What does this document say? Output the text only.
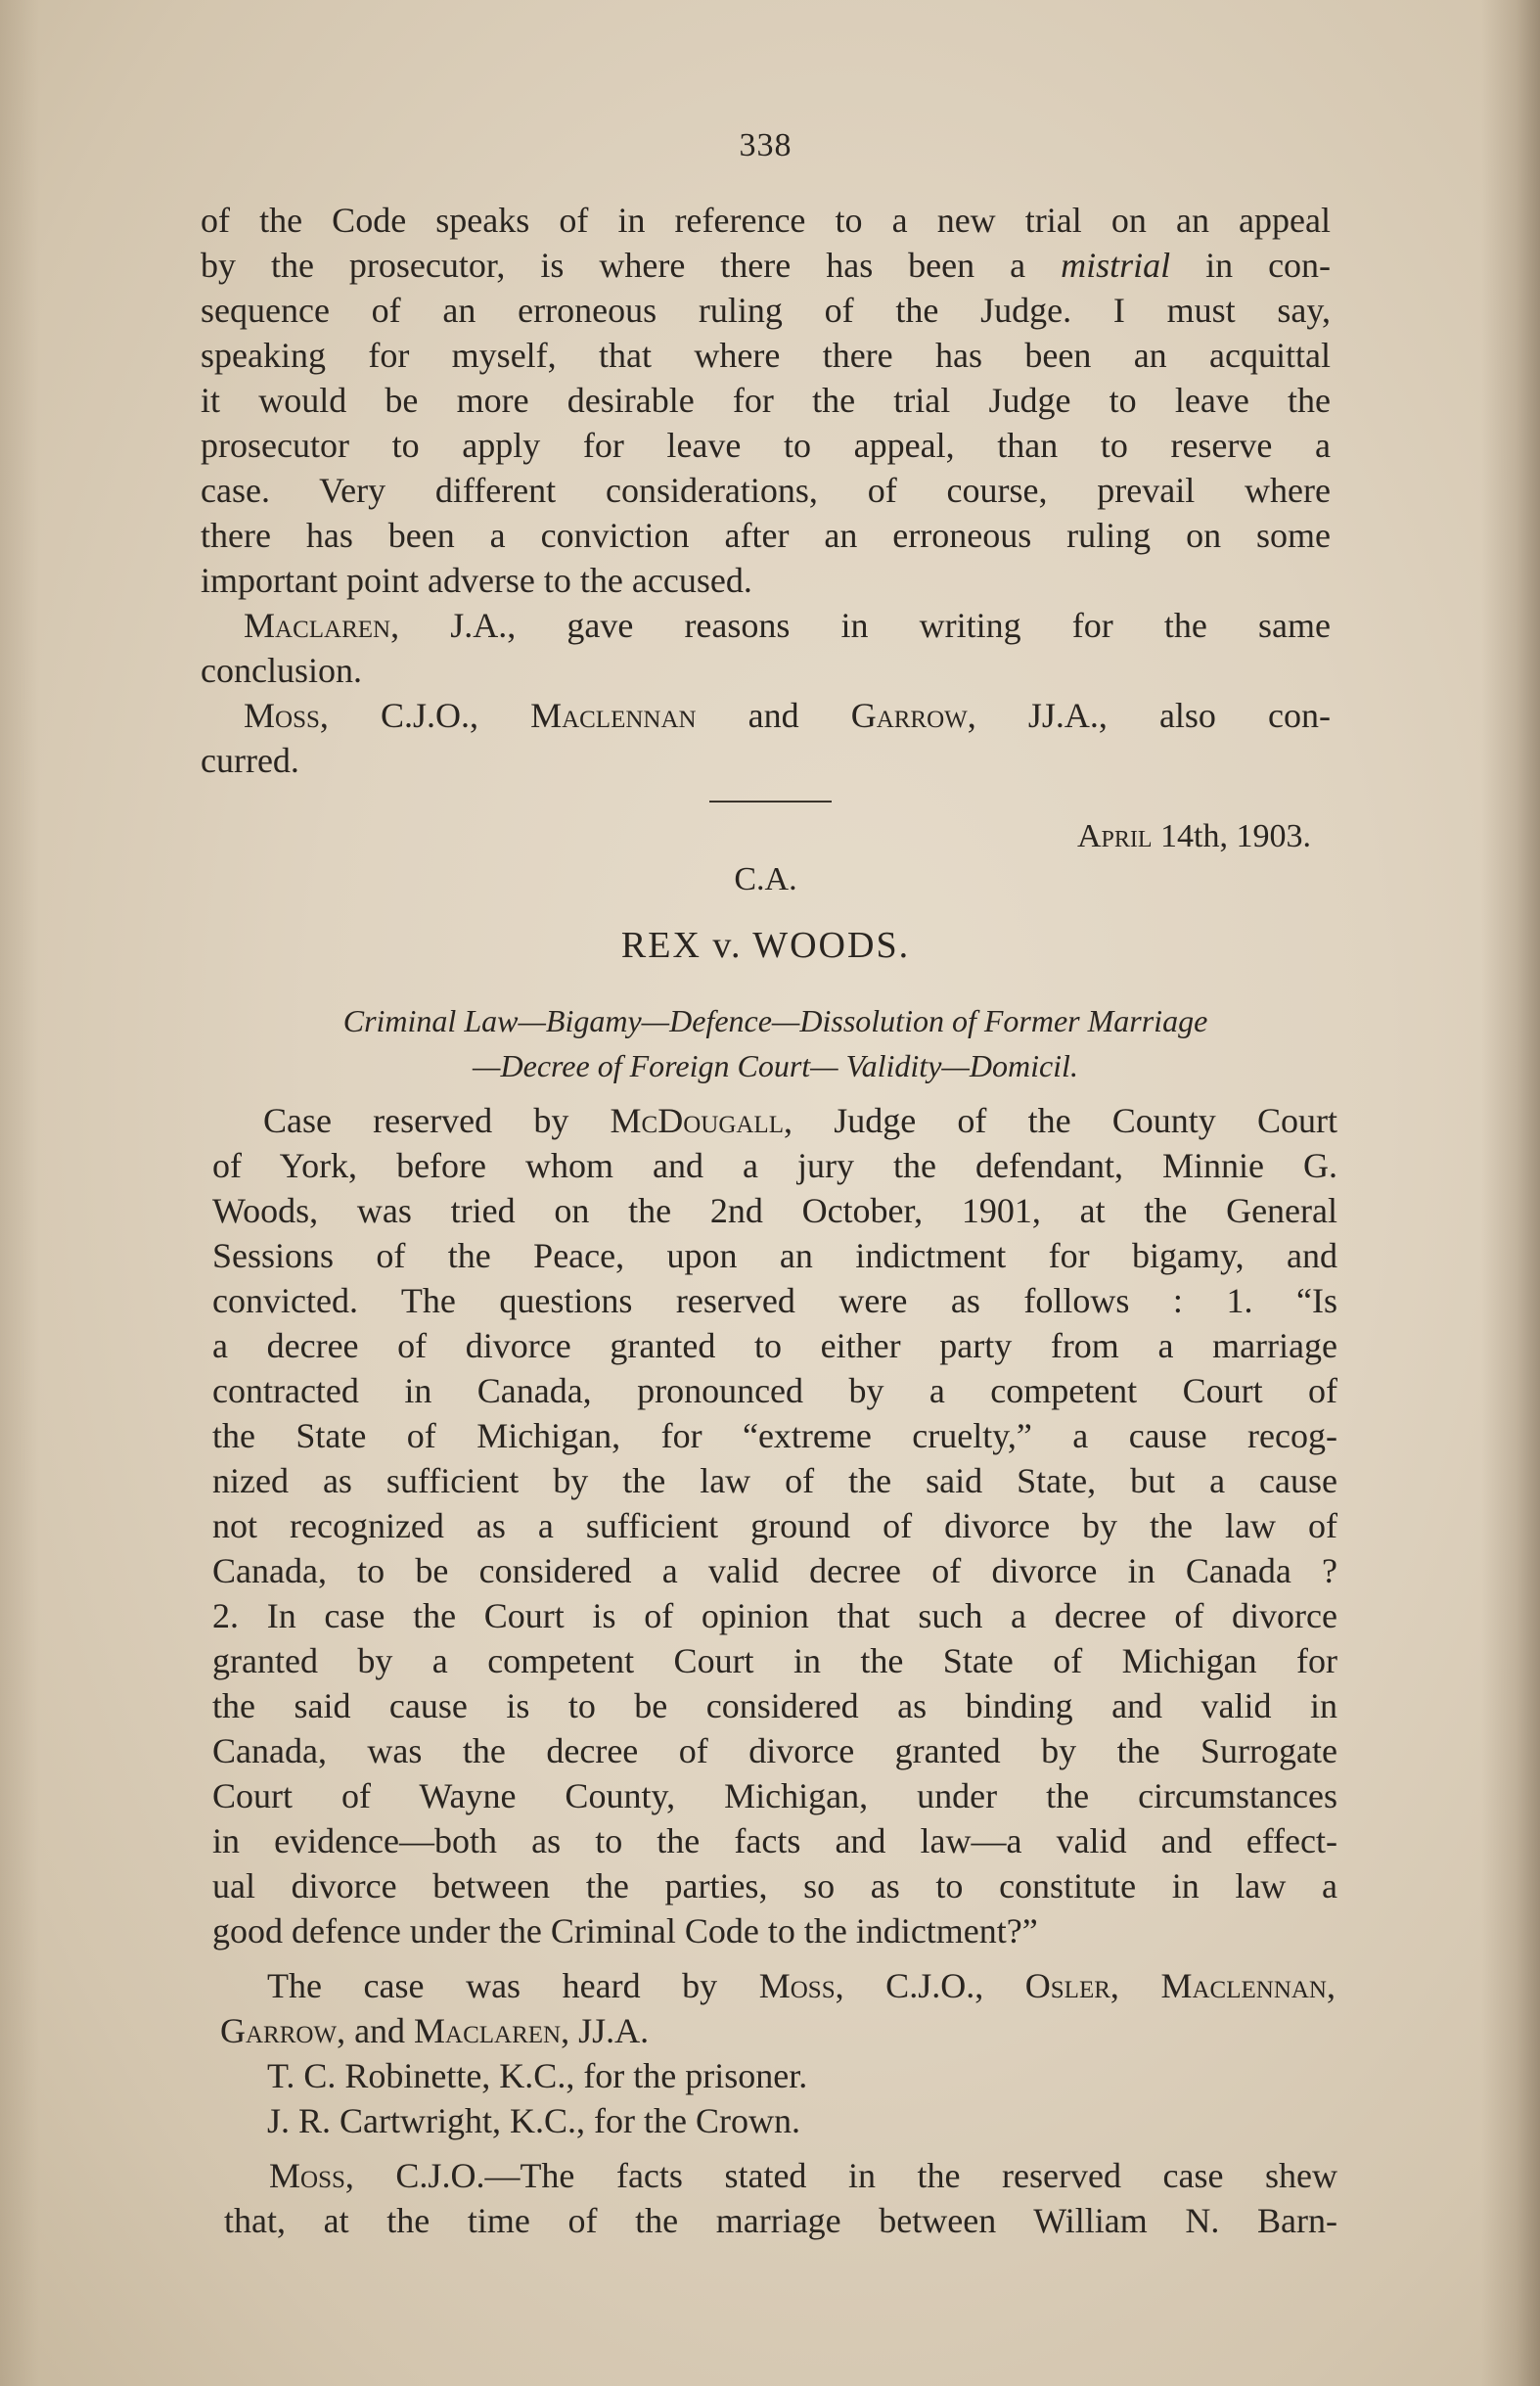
338
of the Code speaks of in reference to a new trial on an appeal
by the prosecutor, is where there has been a mistrial in con-
sequence of an erroneous ruling of the Judge. I must say,
speaking for myself, that where there has been an acquittal
it would be more desirable for the trial Judge to leave the
prosecutor to apply for leave to appeal, than to reserve a
case. Very different considerations, of course, prevail where
there has been a conviction after an erroneous ruling on some
important point adverse to the accused.
Maclaren, J.A., gave reasons in writing for the same
conclusion.
Moss, C.J.O., Maclennan and Garrow, JJ.A., also con-
curred.
April 14th, 1903.
C.A.
REX v. WOODS.
Criminal Law—Bigamy—Defence—Dissolution of Former Marriage
—Decree of Foreign Court— Validity—Domicil.
Case reserved by McDougall, Judge of the County Court
of York, before whom and a jury the defendant, Minnie G.
Woods, was tried on the 2nd October, 1901, at the General
Sessions of the Peace, upon an indictment for bigamy, and
convicted. The questions reserved were as follows : 1. “Is
a decree of divorce granted to either party from a marriage
contracted in Canada, pronounced by a competent Court of
the State of Michigan, for “extreme cruelty,” a cause recog-
nized as sufficient by the law of the said State, but a cause
not recognized as a sufficient ground of divorce by the law of
Canada, to be considered a valid decree of divorce in Canada ?
2. In case the Court is of opinion that such a decree of divorce
granted by a competent Court in the State of Michigan for
the said cause is to be considered as binding and valid in
Canada, was the decree of divorce granted by the Surrogate
Court of Wayne County, Michigan, under the circumstances
in evidence—both as to the facts and law—a valid and effect-
ual divorce between the parties, so as to constitute in law a
good defence under the Criminal Code to the indictment?”
The case was heard by Moss, C.J.O., Osler, Maclennan,
Garrow, and Maclaren, JJ.A.
T. C. Robinette, K.C., for the prisoner.
J. R. Cartwright, K.C., for the Crown.
Moss, C.J.O.—The facts stated in the reserved case shew
that, at the time of the marriage between William N. Barn-
